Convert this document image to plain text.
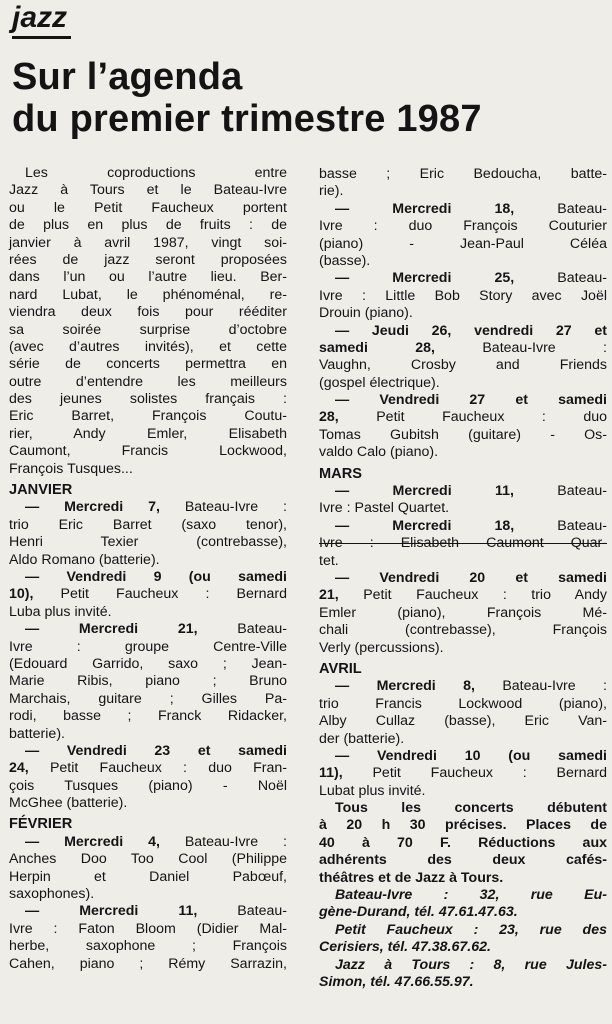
jazz
Sur l’agenda
du premier trimestre 1987
Les coproductions entre
Jazz à Tours et le Bateau-Ivre
ou le Petit Faucheux portent
de plus en plus de fruits : de
janvier à avril 1987, vingt soi-
rées de jazz seront proposées
dans l’un ou l’autre lieu. Ber-
nard Lubat, le phénoménal, re-
viendra deux fois pour rééditer
sa soirée surprise d’octobre
(avec d’autres invités), et cette
série de concerts permettra en
outre d’entendre les meilleurs
des jeunes solistes français :
Eric Barret, François Coutu-
rier, Andy Emler, Elisabeth
Caumont, Francis Lockwood,
François Tusques...
JANVIER
— Mercredi 7, Bateau-Ivre :
trio Eric Barret (saxo tenor),
Henri Texier (contrebasse),
Aldo Romano (batterie).
— Vendredi 9 (ou samedi
10), Petit Faucheux : Bernard
Luba plus invité.
— Mercredi 21, Bateau-
Ivre : groupe Centre-Ville
(Edouard Garrido, saxo ; Jean-
Marie Ribis, piano ; Bruno
Marchais, guitare ; Gilles Pa-
rodi, basse ; Franck Ridacker,
batterie).
— Vendredi 23 et samedi
24, Petit Faucheux : duo Fran-
çois Tusques (piano) - Noël
McGhee (batterie).
FÉVRIER
— Mercredi 4, Bateau-Ivre :
Anches Doo Too Cool (Philippe
Herpin et Daniel Pabœuf,
saxophones).
— Mercredi 11, Bateau-
Ivre : Faton Bloom (Didier Mal-
herbe, saxophone ; François
Cahen, piano ; Rémy Sarrazin,
basse ; Eric Bedoucha, batte-
rie).
— Mercredi 18, Bateau-
Ivre : duo François Couturier
(piano) - Jean-Paul Céléa
(basse).
— Mercredi 25, Bateau-
Ivre : Little Bob Story avec Joël
Drouin (piano).
— Jeudi 26, vendredi 27 et
samedi 28, Bateau-Ivre :
Vaughn, Crosby and Friends
(gospel électrique).
— Vendredi 27 et samedi
28, Petit Faucheux : duo
Tomas Gubitsh (guitare) - Os-
valdo Calo (piano).
MARS
— Mercredi 11, Bateau-
Ivre : Pastel Quartet.
— Mercredi 18, Bateau-
Ivre : Elisabeth Caumont Quar-
tet.
— Vendredi 20 et samedi
21, Petit Faucheux : trio Andy
Emler (piano), François Mé-
chali (contrebasse), François
Verly (percussions).
AVRIL
— Mercredi 8, Bateau-Ivre :
trio Francis Lockwood (piano),
Alby Cullaz (basse), Eric Van-
der (batterie).
— Vendredi 10 (ou samedi
11), Petit Faucheux : Bernard
Lubat plus invité.
Tous les concerts débutent
à 20 h 30 précises. Places de
40 à 70 F. Réductions aux
adhérents des deux cafés-
théâtres et de Jazz à Tours.
Bateau-Ivre : 32, rue Eu-
gène-Durand, tél. 47.61.47.63.
Petit Faucheux : 23, rue des
Cerisiers, tél. 47.38.67.62.
Jazz à Tours : 8, rue Jules-
Simon, tél. 47.66.55.97.
